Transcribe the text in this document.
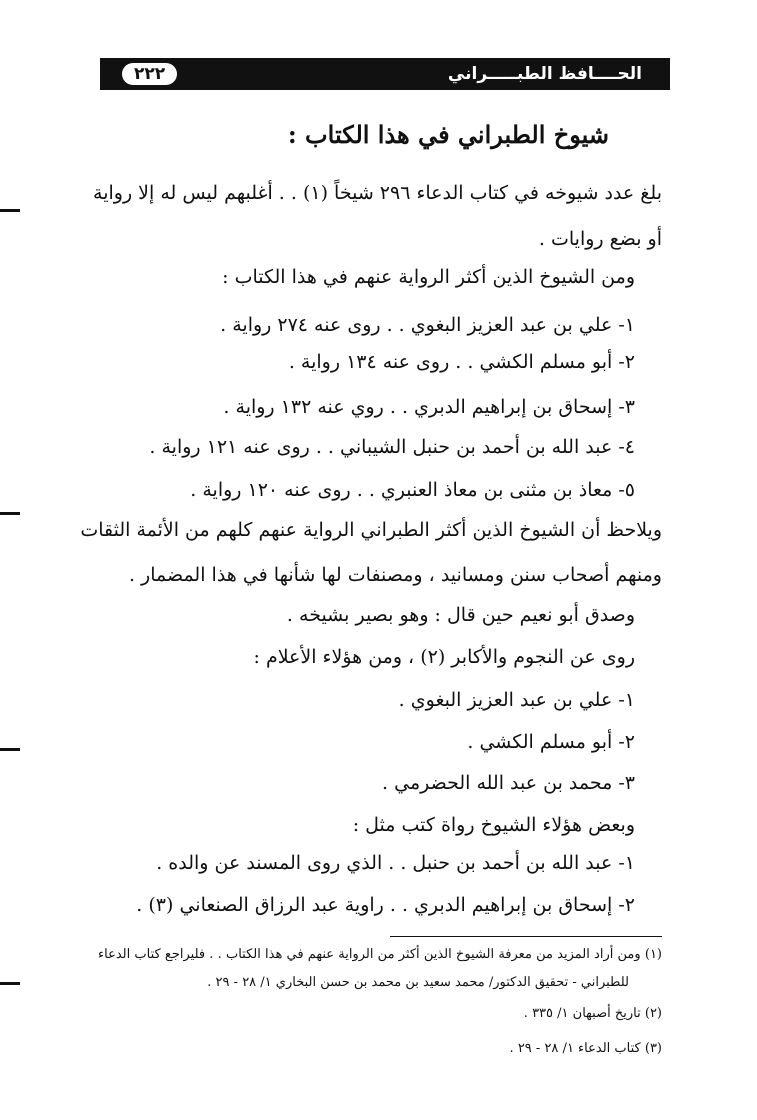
٢٢٢	الحــــافظ الطبـــــراني
شيوخ الطبراني في هذا الكتاب :
بلغ عدد شيوخه في كتاب الدعاء ٢٩٦ شيخاً (١) . . أغلبهم ليس له إلا رواية
أو بضع روايات .
ومن الشيوخ الذين أكثر الرواية عنهم في هذا الكتاب :
١- علي بن عبد العزيز البغوي . . روى عنه ٢٧٤ رواية .
٢- أبو مسلم الكشي . . روى عنه ١٣٤ رواية .
٣- إسحاق بن إبراهيم الدبري . . روي عنه ١٣٢ رواية .
٤- عبد الله بن أحمد بن حنبل الشيباني . . روى عنه ١٢١ رواية .
٥- معاذ بن مثنى بن معاذ العنبري . . روى عنه ١٢٠ رواية .
ويلاحظ أن الشيوخ الذين أكثر الطبراني الرواية عنهم كلهم من الأئمة الثقات
ومنهم أصحاب سنن ومسانيد ، ومصنفات لها شأنها في هذا المضمار .
وصدق أبو نعيم حين قال : وهو بصير بشيخه .
روى عن النجوم والأكابر (٢) ، ومن هؤلاء الأعلام :
١- علي بن عبد العزيز البغوي .
٢- أبو مسلم الكشي .
٣- محمد بن عبد الله الحضرمي .
وبعض هؤلاء الشيوخ رواة كتب مثل :
١- عبد الله بن أحمد بن حنبل . . الذي روى المسند عن والده .
٢- إسحاق بن إبراهيم الدبري . . راوية عبد الرزاق الصنعاني (٣) .
(١) ومن أراد المزيد من معرفة الشيوخ الذين أكثر من الرواية عنهم في هذا الكتاب . . فليراجع كتاب الدعاء
للطبراني - تحقيق الدكتور/ محمد سعيد بن محمد بن حسن البخاري ١/ ٢٨ - ٢٩ .
(٢) تاريخ أصبهان ١/ ٣٣٥ .
(٣) كتاب الدعاء ١/ ٢٨ - ٢٩ .
